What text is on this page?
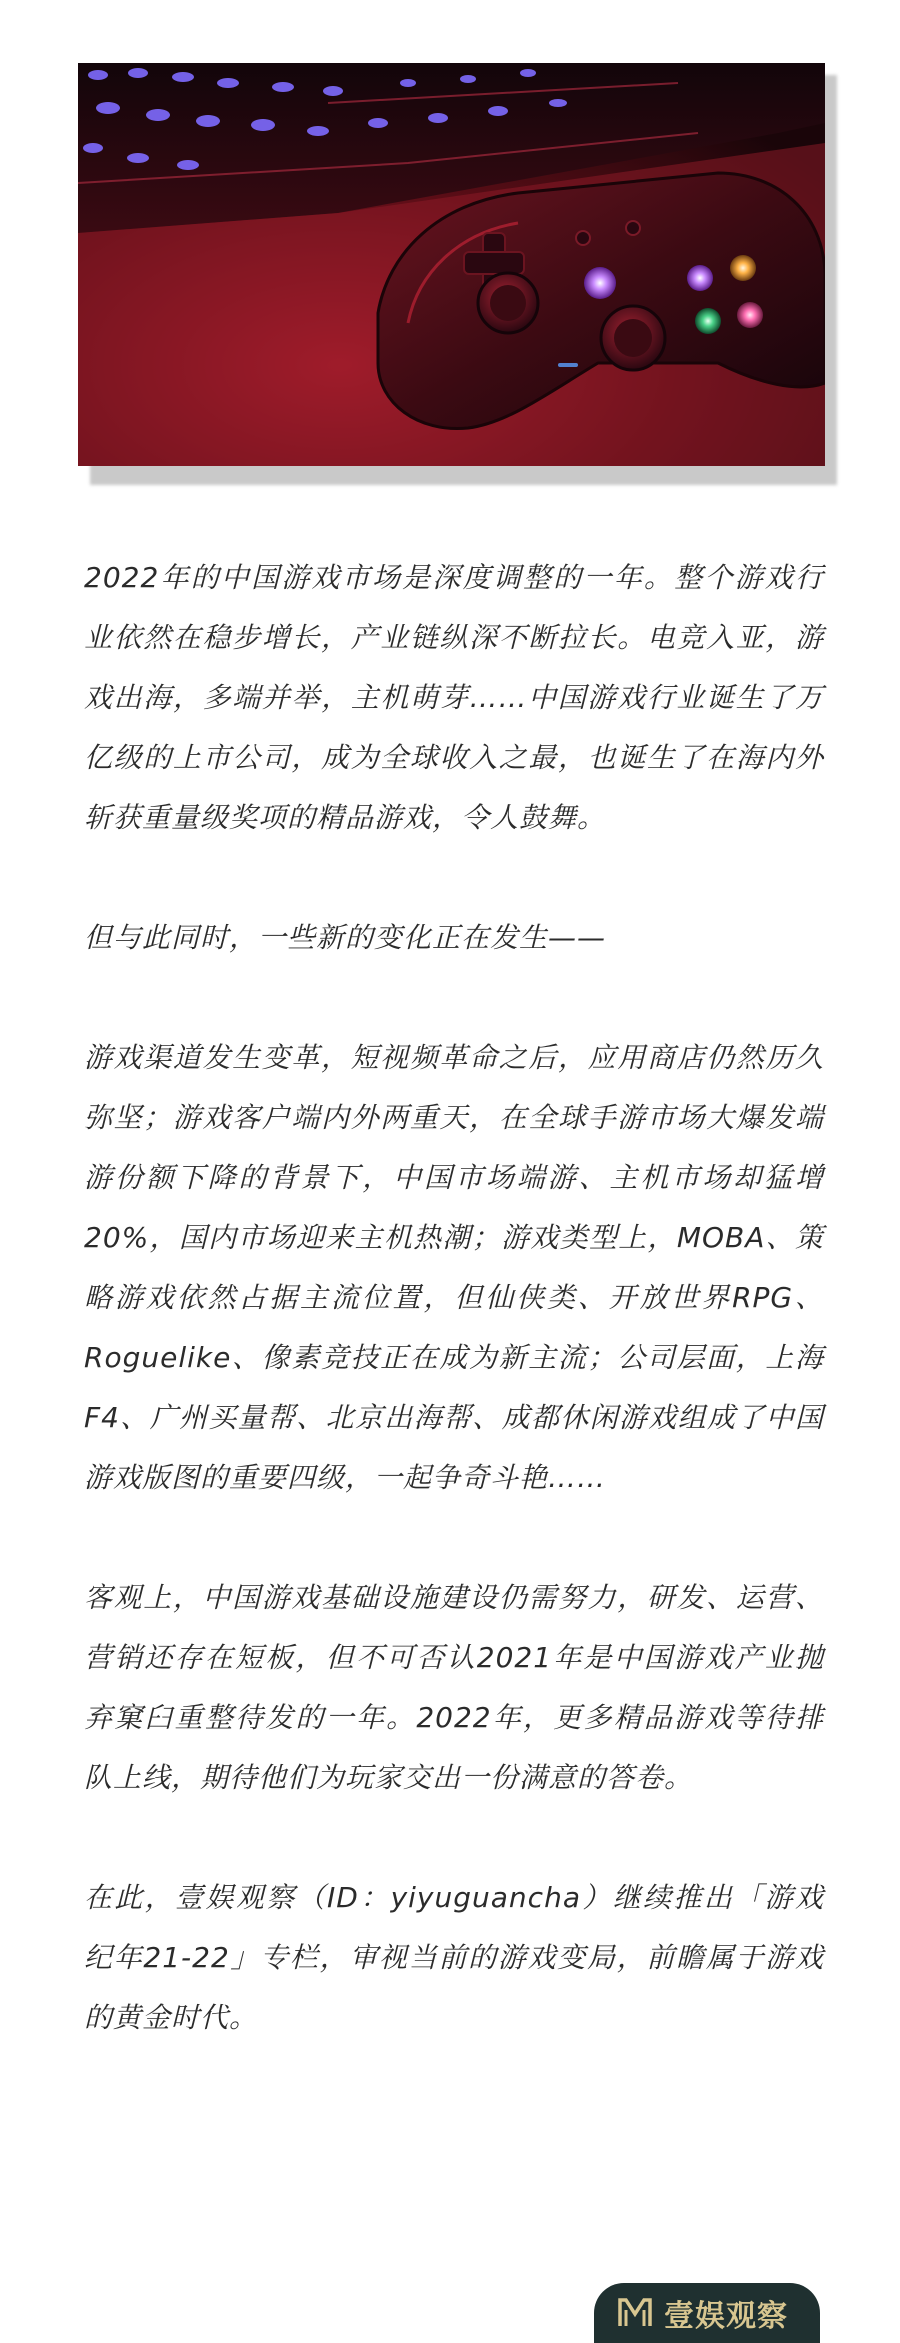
2022年的中国游戏市场是深度调整的一年。整个游戏行业依然在稳步增长，产业链纵深不断拉长。电竞入亚，游戏出海，多端并举，主机萌芽……中国游戏行业诞生了万亿级的上市公司，成为全球收入之最，也诞生了在海内外斩获重量级奖项的精品游戏，令人鼓舞。

但与此同时，一些新的变化正在发生——

游戏渠道发生变革，短视频革命之后，应用商店仍然历久弥坚；游戏客户端内外两重天，在全球手游市场大爆发端游份额下降的背景下，中国市场端游、主机市场却猛增20%，国内市场迎来主机热潮；游戏类型上，MOBA、策略游戏依然占据主流位置，但仙侠类、开放世界RPG、Roguelike、像素竞技正在成为新主流；公司层面，上海F4、广州买量帮、北京出海帮、成都休闲游戏组成了中国游戏版图的重要四级，一起争奇斗艳……

客观上，中国游戏基础设施建设仍需努力，研发、运营、营销还存在短板，但不可否认2021年是中国游戏产业抛弃窠臼重整待发的一年。2022年，更多精品游戏等待排队上线，期待他们为玩家交出一份满意的答卷。

在此，壹娱观察（ID：yiyuguancha）继续推出「游戏纪年21-22」专栏，审视当前的游戏变局，前瞻属于游戏的黄金时代。

壹娱观察
